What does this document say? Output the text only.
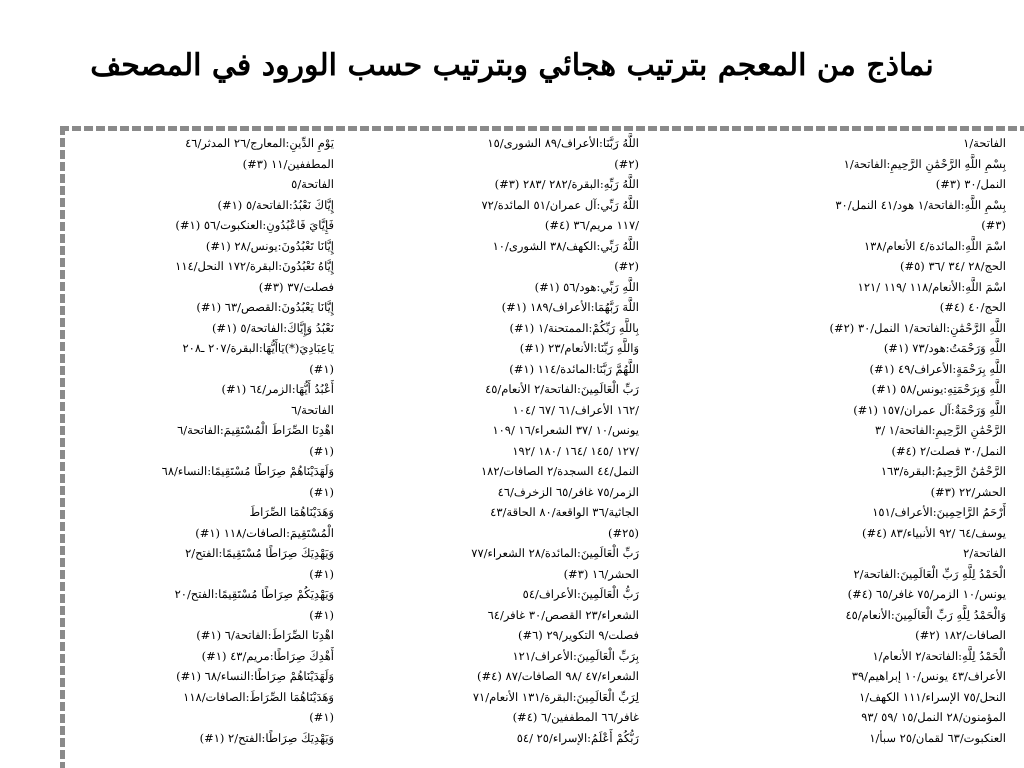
نماذج من المعجم بترتيب هجائي وبترتيب حسب الورود في المصحف
الفاتحة/١
بِسْمِ اللَّهِ الرَّحْمَٰنِ الرَّحِيمِ:الفاتحة/١
النمل/٣٠ (٣#)
بِسْمِ اللَّهِ:الفاتحة/١ هود/٤١ النمل/٣٠
(٣#)
اسْمَ اللَّهِ:المائدة/٤ الأنعام/١٣٨
الحج/٢٨ /٣٤ /٣٦ (٥#)
اسْمَ اللَّهِ:الأنعام/١١٨ /١١٩ /١٢١
الحج/٤٠ (٤#)
اللَّهِ الرَّحْمَٰنِ:الفاتحة/١ النمل/٣٠ (٢#)
اللَّهِ وَرَحْمَتُ:هود/٧٣ (١#)
اللَّهِ بِرَحْمَةٍ:الأعراف/٤٩ (١#)
اللَّهِ وَبِرَحْمَتِهِ:يونس/٥٨ (١#)
اللَّهِ وَرَحْمَةٌ:آل عمران/١٥٧ (١#)
الرَّحْمَٰنِ الرَّحِيمِ:الفاتحة/١ /٣
النمل/٣٠ فصلت/٢ (٤#)
الرَّحْمَٰنُ الرَّحِيمُ:البقرة/١٦٣
الحشر/٢٢ (٣#)
أَرْحَمُ الرَّاحِمِينَ:الأعراف/١٥١
يوسف/٦٤ /٩٢ الأنبياء/٨٣ (٤#)
الفاتحة/٢
الْحَمْدُ لِلَّهِ رَبِّ الْعَالَمِينَ:الفاتحة/٢
يونس/١٠ الزمر/٧٥ غافر/٦٥ (٤#)
وَالْحَمْدُ لِلَّهِ رَبِّ الْعَالَمِينَ:الأنعام/٤٥
الصافات/١٨٢ (٢#)
الْحَمْدُ لِلَّهِ:الفاتحة/٢ الأنعام/١
الأعراف/٤٣ يونس/١٠ إبراهيم/٣٩
النحل/٧٥ الإسراء/١١١ الكهف/١
المؤمنون/٢٨ النمل/١٥ /٥٩ /٩٣
العنكبوت/٦٣ لقمان/٢٥ سبأ/١
اللَّهُ رَبَّنَا:الأعراف/٨٩ الشورى/١٥
(٢#)
اللَّهُ رَبِّهِ:البقرة/٢٨٢ /٢٨٣ (٣#)
اللَّهُ رَبِّي:آل عمران/٥١ المائدة/٧٢
/١١٧ مريم/٣٦ (٤#)
اللَّهُ رَبِّي:الكهف/٣٨ الشورى/١٠
(٢#)
اللَّهِ رَبِّي:هود/٥٦ (١#)
اللَّهَ رَبَّهُمَا:الأعراف/١٨٩ (١#)
بِاللَّهِ رَبِّكُمْ:الممتحنة/١ (١#)
وَاللَّهِ رَبِّنَا:الأنعام/٢٣ (١#)
اللَّهُمَّ رَبَّنَا:المائدة/١١٤ (١#)
رَبِّ الْعَالَمِينَ:الفاتحة/٢ الأنعام/٤٥
/١٦٢ الأعراف/٦١ /٦٧ /١٠٤
يونس/١٠ /٣٧ الشعراء/١٦ /١٠٩
/١٢٧ /١٤٥ /١٦٤ /١٨٠ /١٩٢
النمل/٤٤ السجدة/٢ الصافات/١٨٢
الزمر/٧٥ غافر/٦٥ الزخرف/٤٦
الجاثية/٣٦ الواقعة/٨٠ الحاقة/٤٣
(٢٥#)
رَبِّ الْعَالَمِينَ:المائدة/٢٨ الشعراء/٧٧
الحشر/١٦ (٣#)
رَبُّ الْعَالَمِينَ:الأعراف/٥٤
الشعراء/٢٣ القصص/٣٠ غافر/٦٤
فصلت/٩ التكوير/٢٩ (٦#)
بِرَبِّ الْعَالَمِينَ:الأعراف/١٢١
الشعراء/٤٧ /٩٨ الصافات/٨٧ (٤#)
لِرَبِّ الْعَالَمِينَ:البقرة/١٣١ الأنعام/٧١
غافر/٦٦ المطففين/٦ (٤#)
رَبُّكُمْ أَعْلَمُ:الإسراء/٢٥ /٥٤
يَوْمِ الدِّينِ:المعارج/٢٦ المدثر/٤٦
المطففين/١١ (٣#)
الفاتحة/٥
إِيَّاكَ نَعْبُدُ:الفاتحة/٥ (١#)
فَإِيَّايَ فَاعْبُدُونِ:العنكبوت/٥٦ (١#)
إِيَّانَا تَعْبُدُونَ:يونس/٢٨ (١#)
إِيَّاهُ تَعْبُدُونَ:البقرة/١٧٢ النحل/١١٤
فصلت/٣٧ (٣#)
إِيَّانَا يَعْبُدُونَ:القصص/٦٣ (١#)
نَعْبُدُ وَإِيَّاكَ:الفاتحة/٥ (١#)
يَاعِبَادِيَ(*)يَاأَيُّهَا:البقرة/٢٠٧ ـ٢٠٨
(١#)
أَعْبُدُ أَيُّهَا:الزمر/٦٤ (١#)
الفاتحة/٦
اهْدِنَا الصِّرَاطَ الْمُسْتَقِيمَ:الفاتحة/٦
(١#)
وَلَهَدَيْنَاهُمْ صِرَاطًا مُسْتَقِيمًا:النساء/٦٨
(١#)
وَهَدَيْنَاهُمَا الصِّرَاطَ
الْمُسْتَقِيمَ:الصافات/١١٨ (١#)
وَيَهْدِيَكَ صِرَاطًا مُسْتَقِيمًا:الفتح/٢
(١#)
وَيَهْدِيَكُمْ صِرَاطًا مُسْتَقِيمًا:الفتح/٢٠
(١#)
اهْدِنَا الصِّرَاطَ:الفاتحة/٦ (١#)
أَهْدِكَ صِرَاطًا:مريم/٤٣ (١#)
وَلَهَدَيْنَاهُمْ صِرَاطًا:النساء/٦٨ (١#)
وَهَدَيْنَاهُمَا الصِّرَاطَ:الصافات/١١٨
(١#)
وَيَهْدِيَكَ صِرَاطًا:الفتح/٢ (١#)
